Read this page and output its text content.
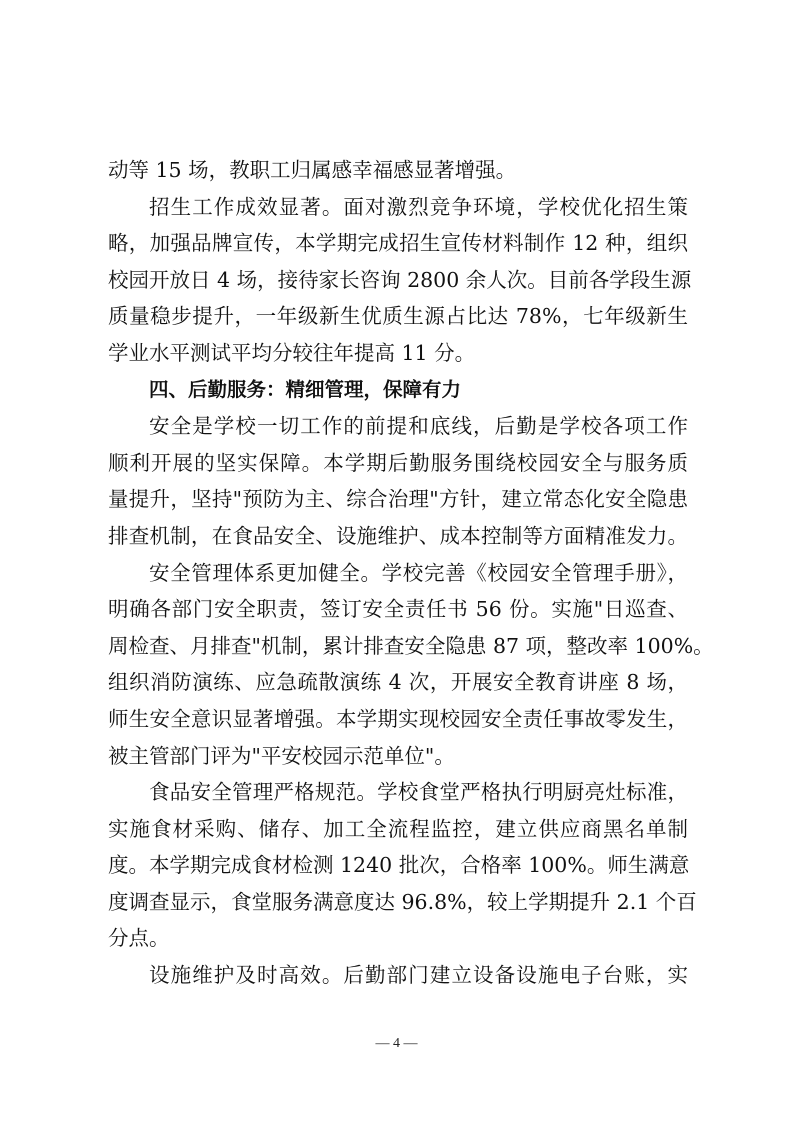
动等 15 场，教职工归属感幸福感显著增强。
招生工作成效显著。面对激烈竞争环境，学校优化招生策
略，加强品牌宣传，本学期完成招生宣传材料制作 12 种，组织
校园开放日 4 场，接待家长咨询 2800 余人次。目前各学段生源
质量稳步提升，一年级新生优质生源占比达 78%，七年级新生
学业水平测试平均分较往年提高 11 分。
四、后勤服务：精细管理，保障有力
安全是学校一切工作的前提和底线，后勤是学校各项工作
顺利开展的坚实保障。本学期后勤服务围绕校园安全与服务质
量提升，坚持"预防为主、综合治理"方针，建立常态化安全隐患
排查机制，在食品安全、设施维护、成本控制等方面精准发力。
安全管理体系更加健全。学校完善《校园安全管理手册》，
明确各部门安全职责，签订安全责任书 56 份。实施"日巡查、
周检查、月排查"机制，累计排查安全隐患 87 项，整改率 100%。
组织消防演练、应急疏散演练 4 次，开展安全教育讲座 8 场，
师生安全意识显著增强。本学期实现校园安全责任事故零发生，
被主管部门评为"平安校园示范单位"。
食品安全管理严格规范。学校食堂严格执行明厨亮灶标准，
实施食材采购、储存、加工全流程监控，建立供应商黑名单制
度。本学期完成食材检测 1240 批次，合格率 100%。师生满意
度调查显示，食堂服务满意度达 96.8%，较上学期提升 2.1 个百
分点。
设施维护及时高效。后勤部门建立设备设施电子台账，实
— 4 —
